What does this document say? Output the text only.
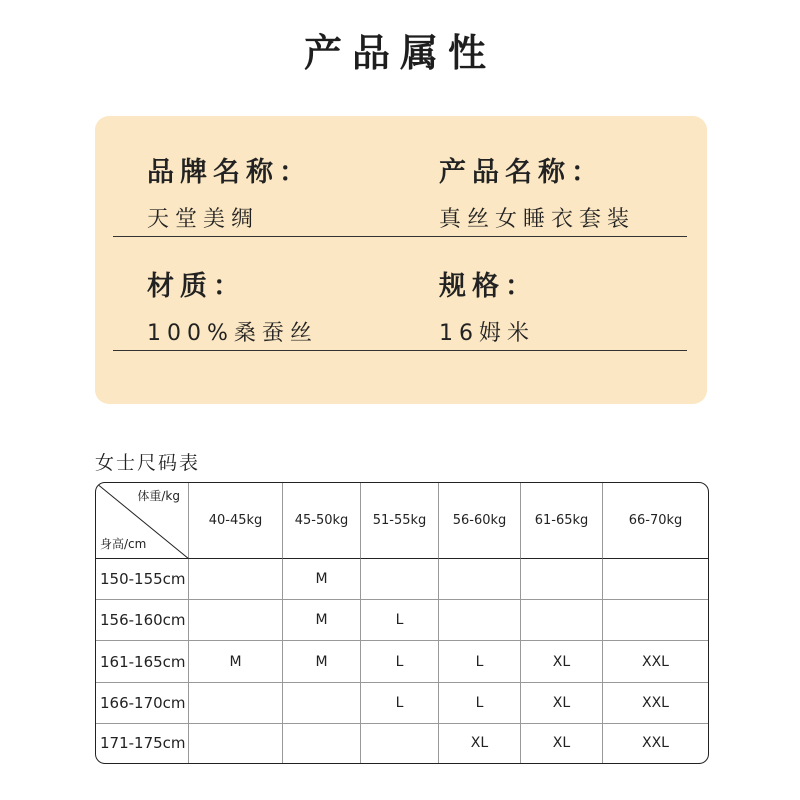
产品属性
品牌名称：
天堂美绸
产品名称：
真丝女睡衣套装
材质：
100%桑蚕丝
规格：
16姆米
女士尺码表
体重/kg
身高/cm	40-45kg	45-50kg	51-55kg	56-60kg	61-65kg	66-70kg
150-155cm		M				
156-160cm		M	L			
161-165cm	M	M	L	L	XL	XXL
166-170cm			L	L	XL	XXL
171-175cm				XL	XL	XXL
